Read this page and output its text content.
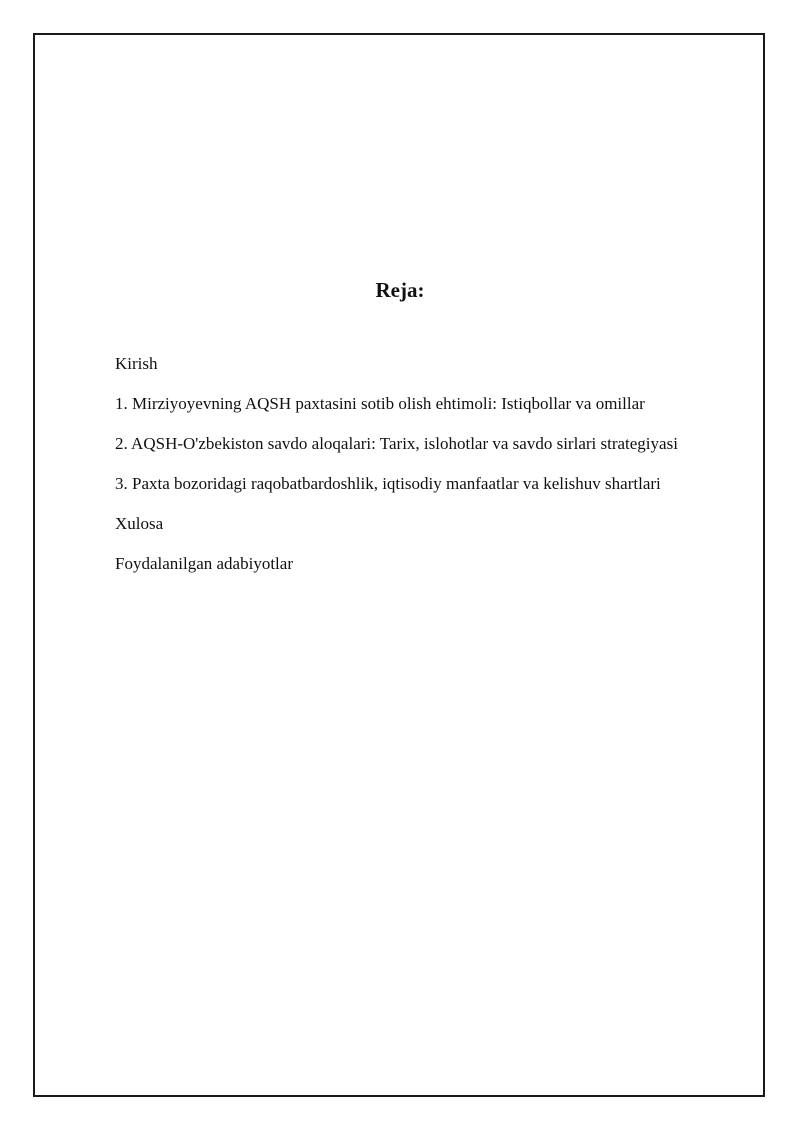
Reja:
Kirish
1. Mirziyoyevning AQSH paxtasini sotib olish ehtimoli: Istiqbollar va omillar
2. AQSH-O'zbekiston savdo aloqalari: Tarix, islohotlar va savdo sirlari strategiyasi
3. Paxta bozoridagi raqobatbardoshlik, iqtisodiy manfaatlar va kelishuv shartlari
Xulosa
Foydalanilgan adabiyotlar
